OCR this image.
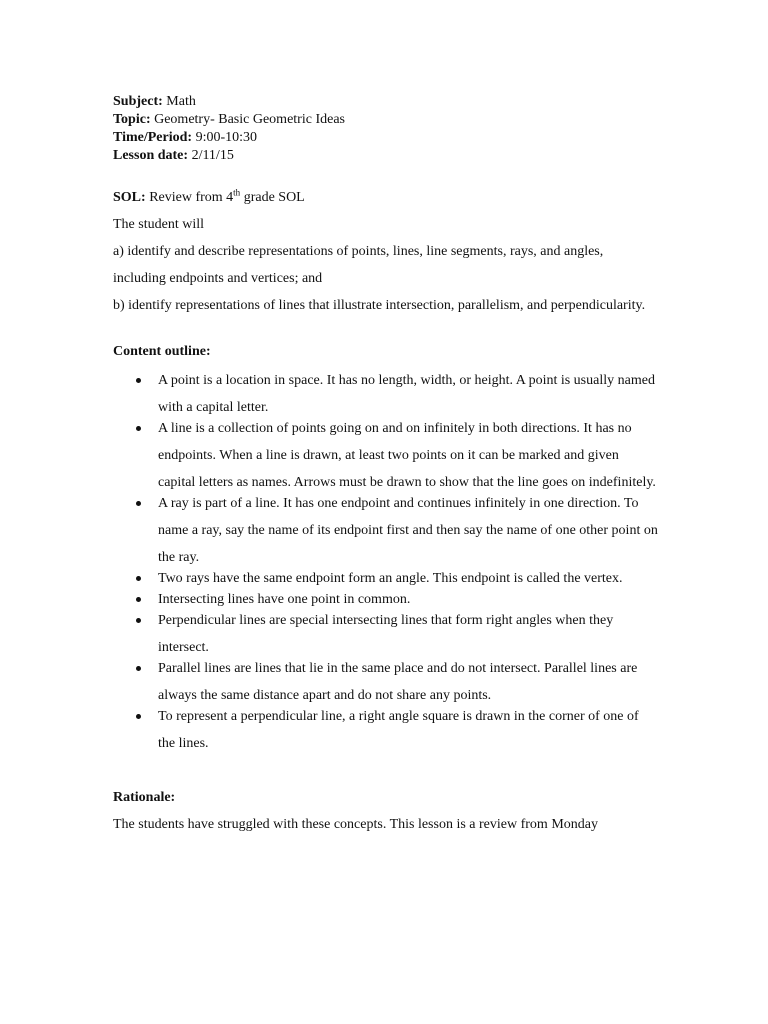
Subject: Math
Topic: Geometry- Basic Geometric Ideas
Time/Period: 9:00-10:30
Lesson date: 2/11/15
SOL: Review from 4th grade SOL
The student will
a) identify and describe representations of points, lines, line segments, rays, and angles, including endpoints and vertices; and
b) identify representations of lines that illustrate intersection, parallelism, and perpendicularity.
Content outline:
A point is a location in space. It has no length, width, or height. A point is usually named with a capital letter.
A line is a collection of points going on and on infinitely in both directions. It has no endpoints. When a line is drawn, at least two points on it can be marked and given capital letters as names. Arrows must be drawn to show that the line goes on indefinitely.
A ray is part of a line. It has one endpoint and continues infinitely in one direction. To name a ray, say the name of its endpoint first and then say the name of one other point on the ray.
Two rays have the same endpoint form an angle. This endpoint is called the vertex.
Intersecting lines have one point in common.
Perpendicular lines are special intersecting lines that form right angles when they intersect.
Parallel lines are lines that lie in the same place and do not intersect. Parallel lines are always the same distance apart and do not share any points.
To represent a perpendicular line, a right angle square is drawn in the corner of one of the lines.
Rationale:
The students have struggled with these concepts. This lesson is a review from Monday
